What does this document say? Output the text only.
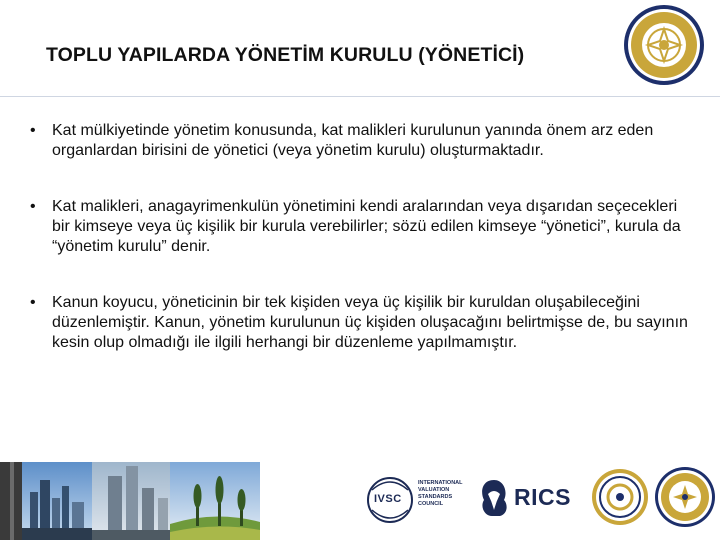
TOPLU YAPILARDA YÖNETİM KURULU (YÖNETİCİ)
• Kat mülkiyetinde yönetim konusunda, kat malikleri kurulunun yanında önem arz eden organlardan birisini de yönetici (veya yönetim kurulu) oluşturmaktadır.
• Kat malikleri, anagayrimenkulün yönetimini kendi aralarından veya dışarıdan seçecekleri bir kimseye veya üç kişilik bir kurula verebilirler; sözü edilen kimseye “yönetici”, kurula da “yönetim kurulu” denir.
• Kanun koyucu, yöneticinin bir tek kişiden veya üç kişilik bir kuruldan oluşabileceğini düzenlemiştir. Kanun, yönetim kurulunun üç kişiden oluşacağını belirtmişse de, bu sayının kesin olup olmadığı ile ilgili herhangi bir düzenleme yapılmamıştır.
IVSC
INTERNATIONAL VALUATION STANDARDS COUNCIL	RICS
